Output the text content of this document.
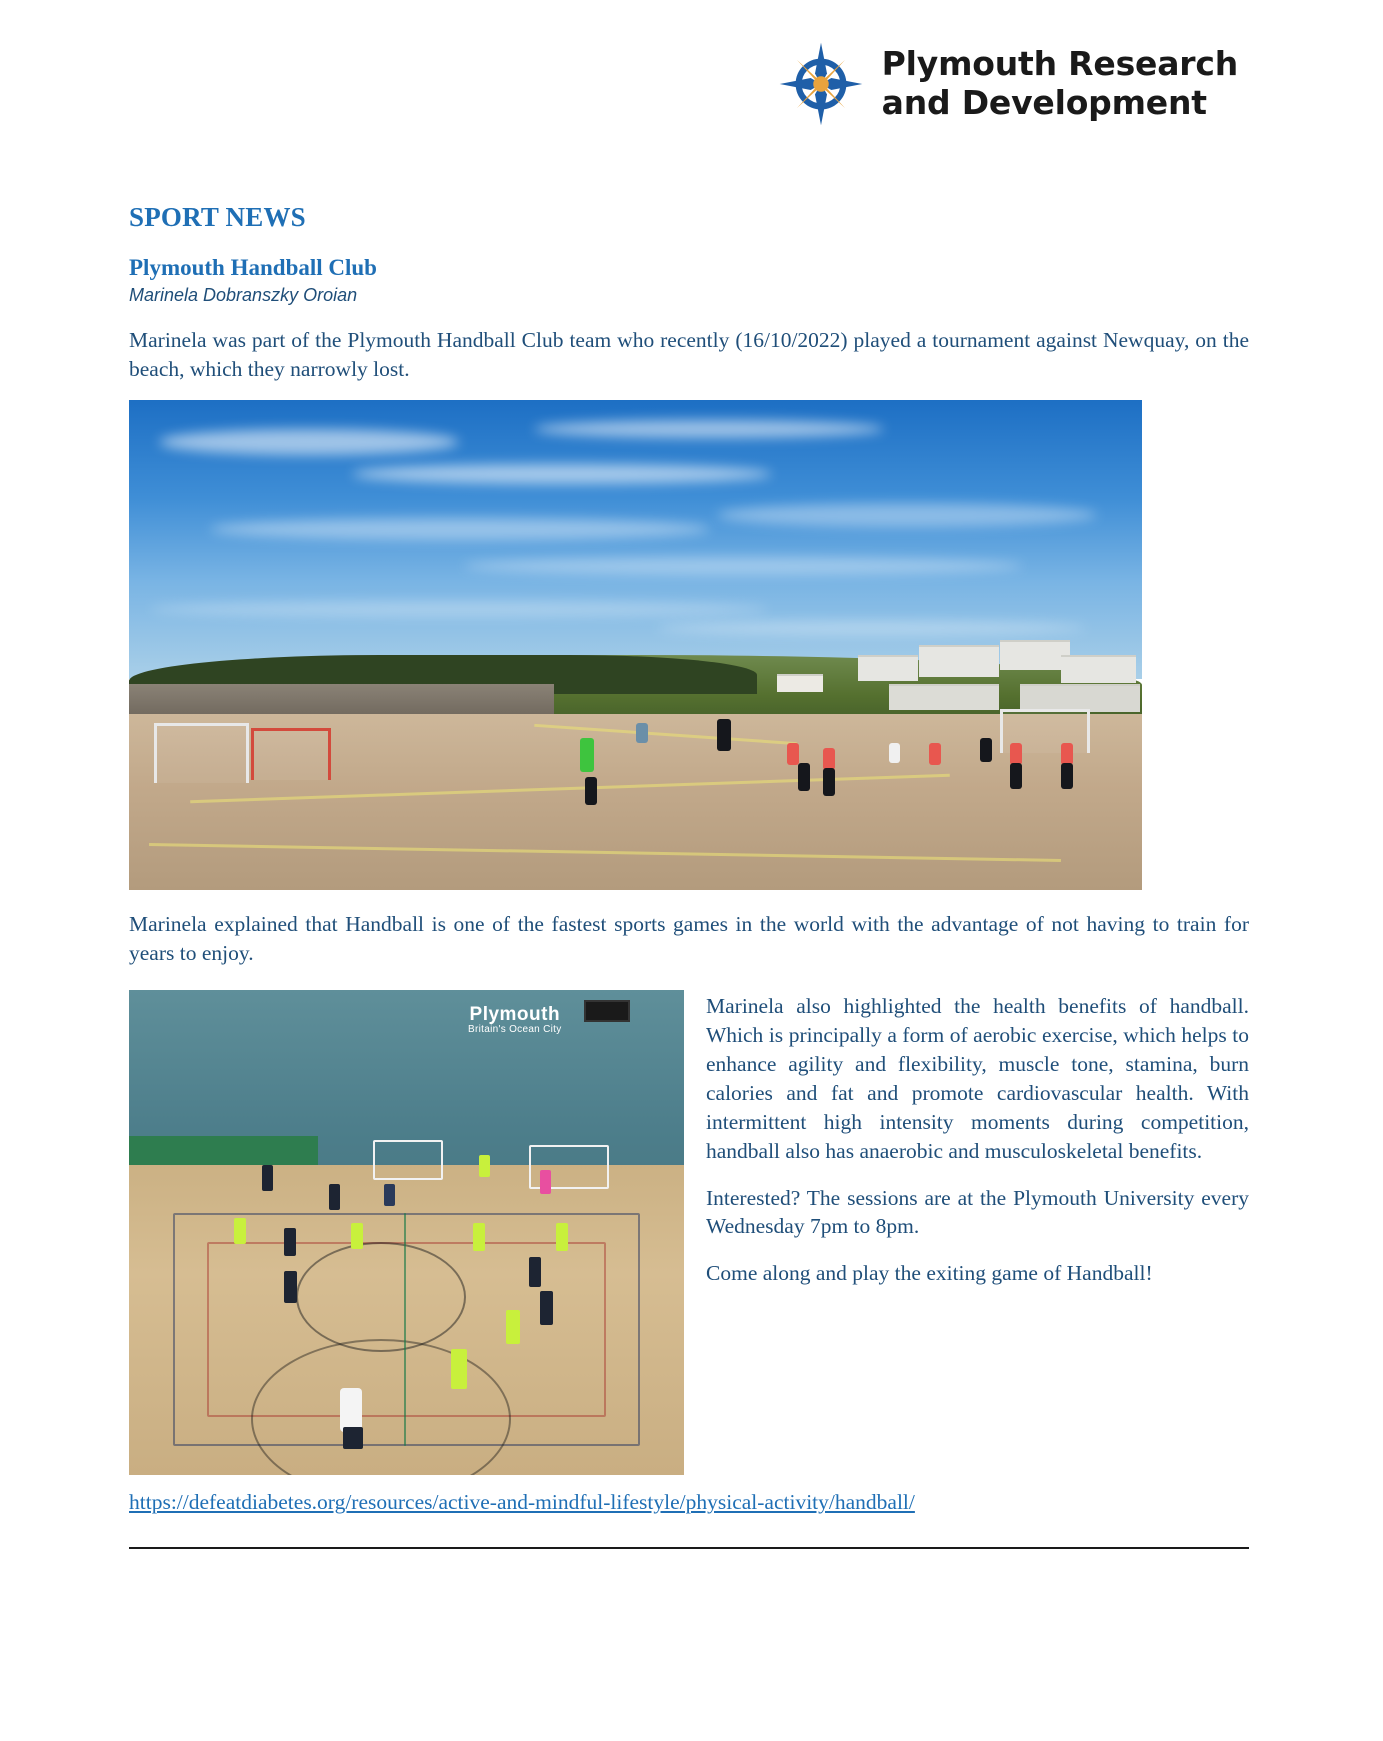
Plymouth Research
and Development
SPORT NEWS
Plymouth Handball Club
Marinela Dobranszky Oroian

Marinela was part of the Plymouth Handball Club team who recently (16/10/2022) played a tournament against Newquay, on the beach, which they narrowly lost.

Marinela explained that Handball is one of the fastest sports games in the world with the advantage of not having to train for years to enjoy.

Plymouth
Britain's Ocean City

Marinela also highlighted the health benefits of handball. Which is principally a form of aerobic exercise, which helps to enhance agility and flexibility, muscle tone, stamina, burn calories and fat and promote cardiovascular health. With intermittent high intensity moments during competition, handball also has anaerobic and musculoskeletal benefits.

Interested? The sessions are at the Plymouth University every Wednesday 7pm to 8pm.

Come along and play the exiting game of Handball!

https://defeatdiabetes.org/resources/active-and-mindful-lifestyle/physical-activity/handball/
